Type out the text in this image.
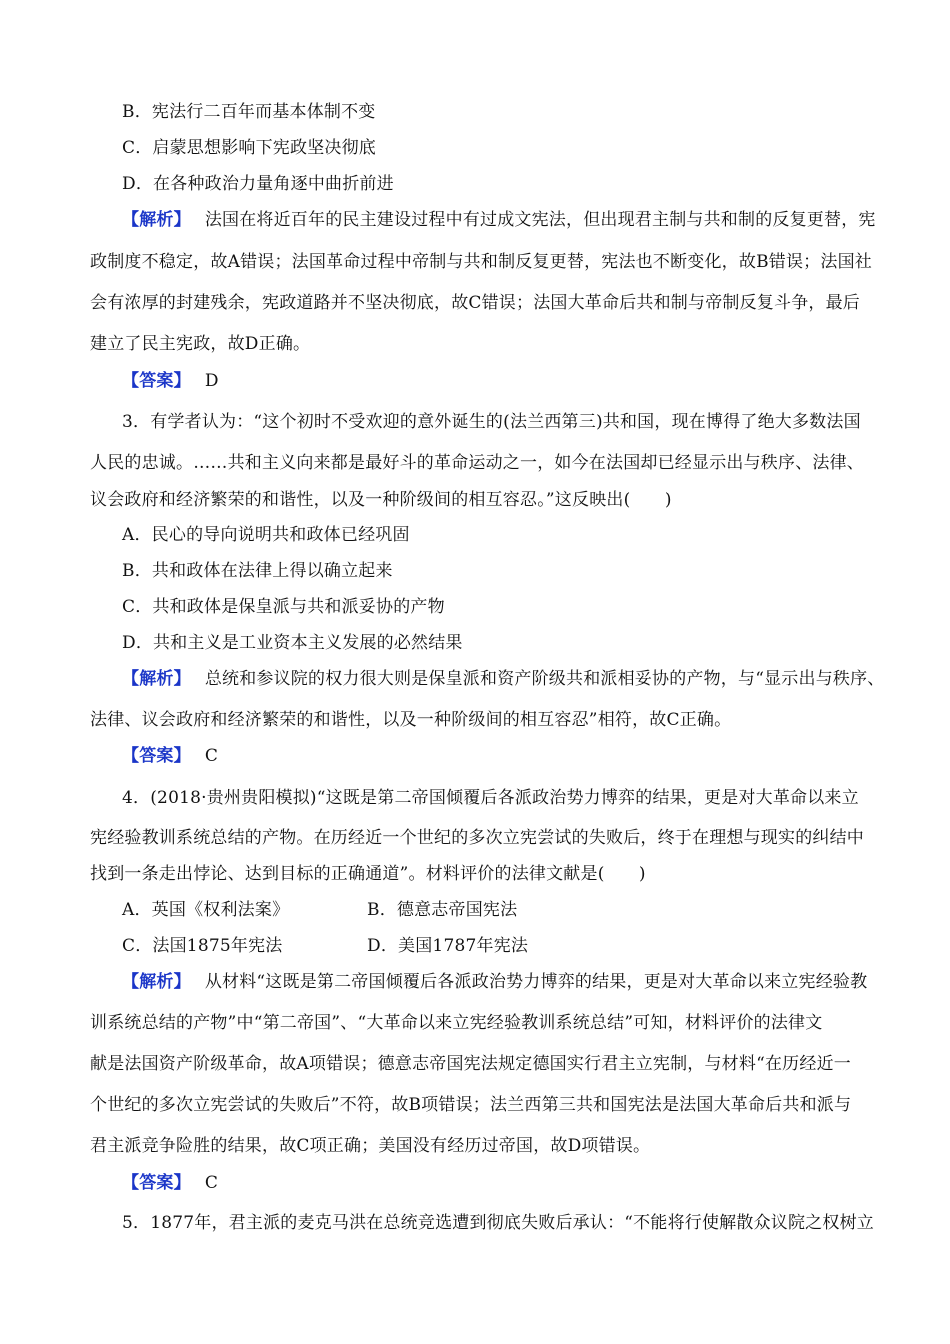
B．宪法行二百年而基本体制不变
C．启蒙思想影响下宪政坚决彻底
D．在各种政治力量角逐中曲折前进
【解析】 法国在将近百年的民主建设过程中有过成文宪法，但出现君主制与共和制的反复更替，宪
政制度不稳定，故A错误；法国革命过程中帝制与共和制反复更替，宪法也不断变化，故B错误；法国社
会有浓厚的封建残余，宪政道路并不坚决彻底，故C错误；法国大革命后共和制与帝制反复斗争，最后
建立了民主宪政，故D正确。
【答案】 D
3．有学者认为：“这个初时不受欢迎的意外诞生的(法兰西第三)共和国，现在博得了绝大多数法国
人民的忠诚。……共和主义向来都是最好斗的革命运动之一，如今在法国却已经显示出与秩序、法律、
议会政府和经济繁荣的和谐性，以及一种阶级间的相互容忍。”这反映出(　　)
A．民心的导向说明共和政体已经巩固
B．共和政体在法律上得以确立起来
C．共和政体是保皇派与共和派妥协的产物
D．共和主义是工业资本主义发展的必然结果
【解析】 总统和参议院的权力很大则是保皇派和资产阶级共和派相妥协的产物，与“显示出与秩序、
法律、议会政府和经济繁荣的和谐性，以及一种阶级间的相互容忍”相符，故C正确。
【答案】 C
4．(2018·贵州贵阳模拟)“这既是第二帝国倾覆后各派政治势力博弈的结果，更是对大革命以来立
宪经验教训系统总结的产物。在历经近一个世纪的多次立宪尝试的失败后，终于在理想与现实的纠结中
找到一条走出悖论、达到目标的正确通道”。材料评价的法律文献是(　　)
A．英国《权利法案》	B．德意志帝国宪法
C．法国1875年宪法	D．美国1787年宪法
【解析】 从材料“这既是第二帝国倾覆后各派政治势力博弈的结果，更是对大革命以来立宪经验教
训系统总结的产物”中“第二帝国”、“大革命以来立宪经验教训系统总结”可知，材料评价的法律文
献是法国资产阶级革命，故A项错误；德意志帝国宪法规定德国实行君主立宪制，与材料“在历经近一
个世纪的多次立宪尝试的失败后”不符，故B项错误；法兰西第三共和国宪法是法国大革命后共和派与
君主派竞争险胜的结果，故C项正确；美国没有经历过帝国，故D项错误。
【答案】 C
5．1877年，君主派的麦克马洪在总统竞选遭到彻底失败后承认：“不能将行使解散众议院之权树立
